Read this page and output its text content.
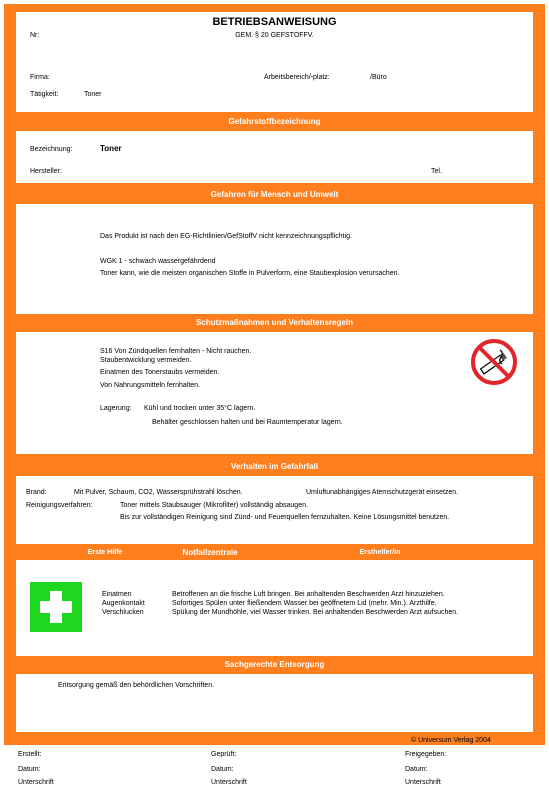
BETRIEBSANWEISUNG
GEM. § 20 GEFSTOFFV.
Nr:
Firma:	Arbeitsbereich/-platz:	/Büro
Tätigkeit:	Toner
Gefahrstoffbezeichnung
Bezeichnung:	Toner
Hersteller:	Tel.
Gefahren für Mensch und Umwelt
Das Produkt ist nach den EG-Richtlinien/GefStoffV nicht kennzeichnungspflichtig.
WGK 1 - schwach wassergefährdend
Toner kann, wie die meisten organischen Stoffe in Pulverform, eine Staubexplosion verursachen.
Schutzmaßnahmen und Verhaltensregeln
S16 Von Zündquellen fernhalten - Nicht rauchen.
Staubentwicklung vermeiden.
Einatmen des Tonerstaubs vermeiden.
Von Nahrungsmitteln fernhalten.
Lagerung: Kühl und trocken unter 35°C lagern.
Behälter geschlossen halten und bei Raumtemperatur lagern.
Verhalten im Gefahrfall
Brand:	Mit Pulver, Schaum, CO2, Wassersprühstrahl löschen.	Umluftunabhängiges Atemschutzgerät einsetzen.
Reinigungsverfahren:	Toner mittels Staubsauger (Mikrofilter) vollständig absaugen.
Bis zur vollständigen Reinigung sind Zünd- und Feuerquellen fernzuhalten. Keine Lösungsmittel benutzen.
Erste Hilfe	Notfallzentrale	Ersthelfer/in
Einatmen	Betroffenen an die frische Luft bringen. Bei anhaltenden Beschwerden Arzt hinzuziehen.
Augenkontakt	Sofortiges Spülen unter fließendem Wasser bei geöffnetem Lid (mehr. Min.). Arzthilfe.
Verschlucken	Spülung der Mundhöhle, viel Wasser trinken. Bei anhaltenden Beschwerden Arzt aufsuchen.
Sachgerechte Entsorgung
Entsorgung gemäß den behördlichen Vorschriften.
© Universum Verlag 2004
Erstellt:	Geprüft:	Freigegeben:
Datum:	Datum:	Datum:
Unterschrift	Unterschrift	Unterschrift
